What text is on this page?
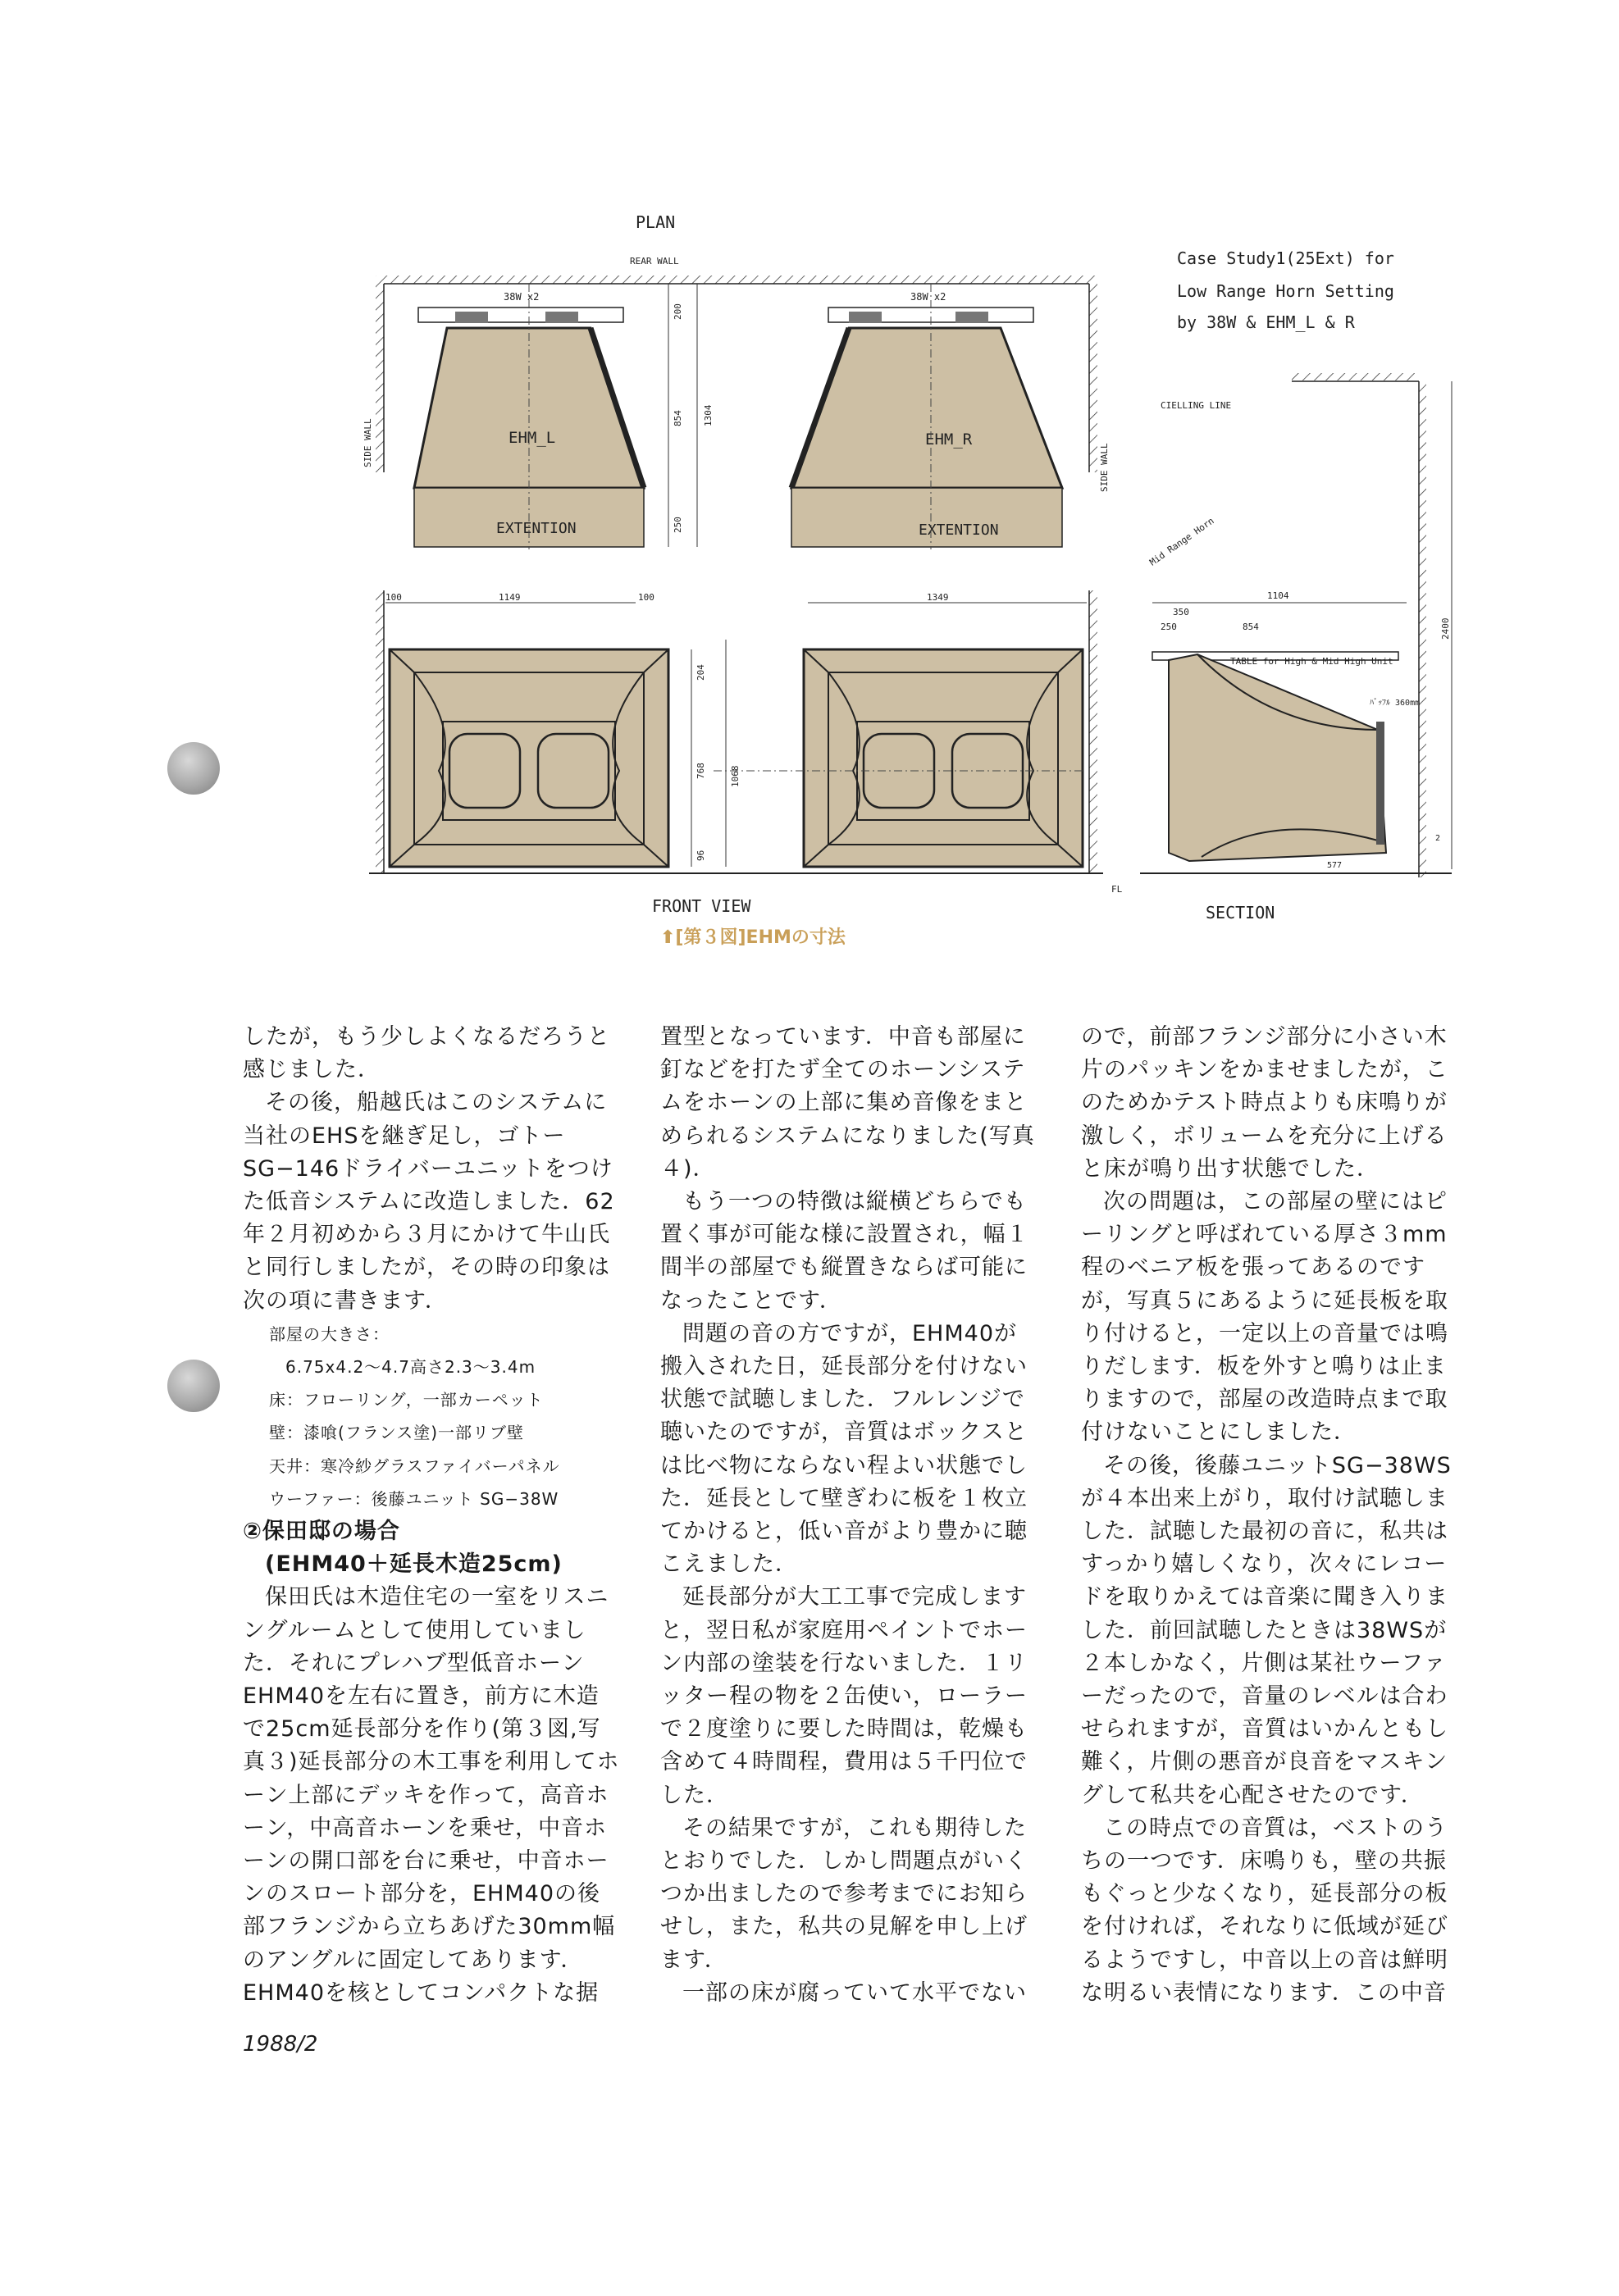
PLAN
REAR WALL
SIDE WALL
SIDE WALL
38W x2
EHM_L
EXTENTION
200
854 1304
250
38W x2
EHM_R
EXTENTION
100	1149	100	1349
204
768
96
1068
FRONT VIEW
Case Study1(25Ext) for
Low Range Horn Setting
by 38W & EHM_L & R
CIELLING LINE
Mid Range Horn
2400
1104
350
250	854
TABLE for High & Mid High Unit
ﾊﾞｯﾌﾙ 360mm
577
2
FL
SECTION
⬆[第３図]EHMの寸法

したが，もう少しよくなるだろうと感じました．

その後，船越氏はこのシステムに当社のEHSを継ぎ足し，ゴトーSG−146ドライバーユニットをつけた低音システムに改造しました．62年２月初めから３月にかけて牛山氏と同行しましたが，その時の印象は次の項に書きます．

部屋の大きさ：

6.75x4.2〜4.7高さ2.3〜3.4m

床：フローリング，一部カーペット

壁：漆喰(フランス塗)一部リブ壁

天井：寒冷紗グラスファイバーパネル

ウーファー：後藤ユニット SG−38W

②保田邸の場合

(EHM40＋延長木造25cm)

保田氏は木造住宅の一室をリスニングルームとして使用していました．それにプレハブ型低音ホーンEHM40を左右に置き，前方に木造で25cm延長部分を作り(第３図,写真３)延長部分の木工事を利用してホーン上部にデッキを作って，高音ホーン，中高音ホーンを乗せ，中音ホーンの開口部を台に乗せ，中音ホーンのスロート部分を，EHM40の後部フランジから立ちあげた30mm幅のアングルに固定してあります．EHM40を核としてコンパクトな据

置型となっています．中音も部屋に釘などを打たず全てのホーンシステムをホーンの上部に集め音像をまとめられるシステムになりました(写真４)．

もう一つの特徴は縦横どちらでも置く事が可能な様に設置され，幅１間半の部屋でも縦置きならば可能になったことです．

問題の音の方ですが，EHM40が搬入された日，延長部分を付けない状態で試聴しました．フルレンジで聴いたのですが，音質はボックスとは比べ物にならない程よい状態でした．延長として壁ぎわに板を１枚立てかけると，低い音がより豊かに聴こえました．

延長部分が大工工事で完成しますと，翌日私が家庭用ペイントでホーン内部の塗装を行ないました．１リッター程の物を２缶使い，ローラーで２度塗りに要した時間は，乾燥も含めて４時間程，費用は５千円位でした．

その結果ですが，これも期待したとおりでした．しかし問題点がいくつか出ましたので参考までにお知らせし，また，私共の見解を申し上げます．

一部の床が腐っていて水平でない

ので，前部フランジ部分に小さい木片のパッキンをかませましたが，このためかテスト時点よりも床鳴りが激しく，ボリュームを充分に上げると床が鳴り出す状態でした．

次の問題は，この部屋の壁にはピーリングと呼ばれている厚さ３mm程のベニア板を張ってあるのですが，写真５にあるように延長板を取り付けると，一定以上の音量では鳴りだします．板を外すと鳴りは止まりますので，部屋の改造時点まで取付けないことにしました．

その後，後藤ユニットSG−38WSが４本出来上がり，取付け試聴しました．試聴した最初の音に，私共はすっかり嬉しくなり，次々にレコードを取りかえては音楽に聞き入りました．前回試聴したときは38WSが２本しかなく，片側は某社ウーファーだったので，音量のレベルは合わせられますが，音質はいかんともし難く，片側の悪音が良音をマスキングして私共を心配させたのです．

この時点での音質は，ベストのうちの一つです．床鳴りも，壁の共振もぐっと少なくなり，延長部分の板を付ければ，それなりに低域が延びるようですし，中音以上の音は鮮明な明るい表情になります．この中音

1988/2
